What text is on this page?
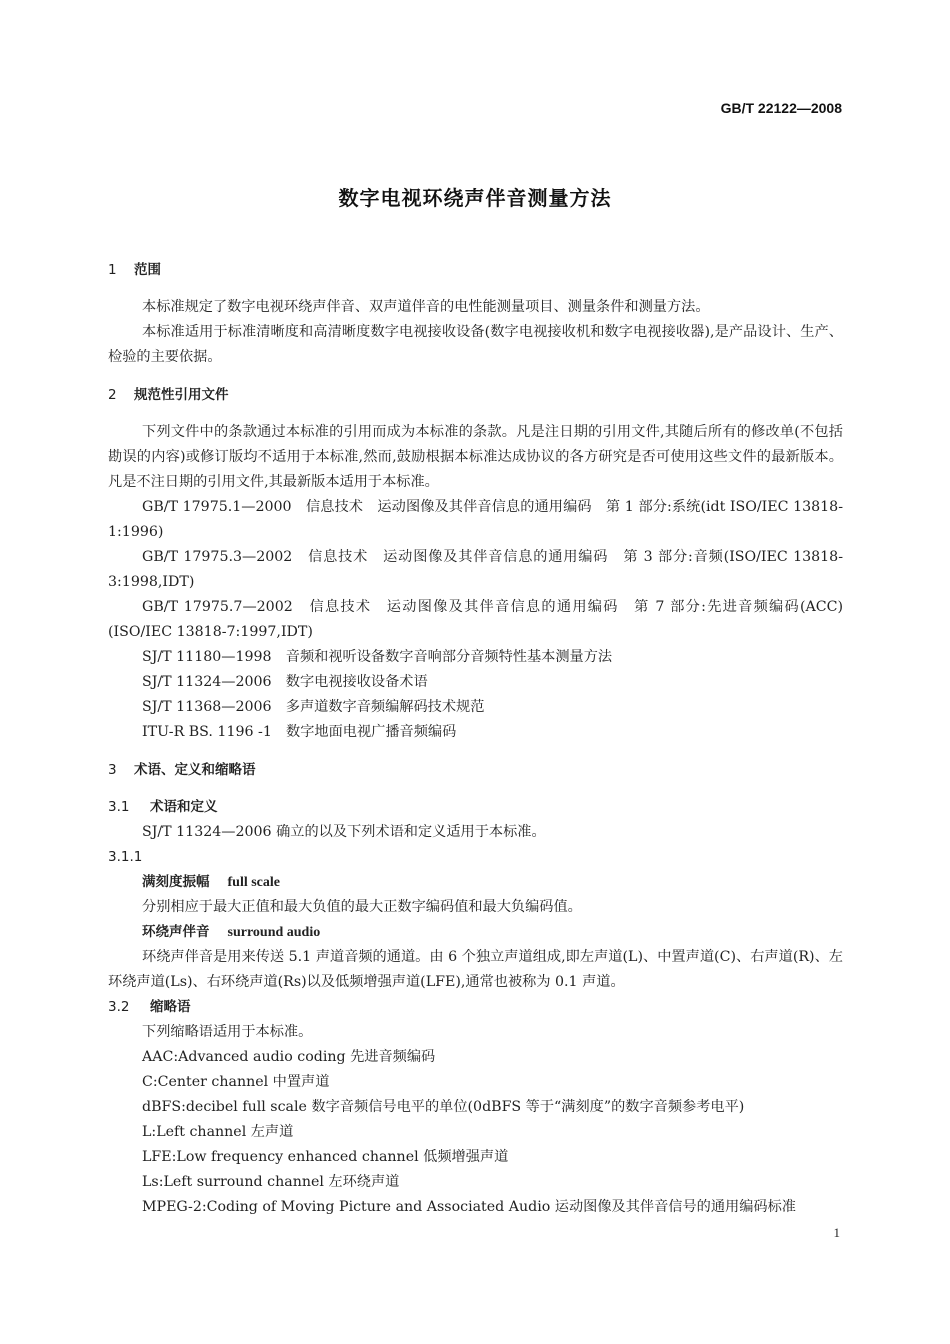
GB/T 22122—2008
数字电视环绕声伴音测量方法

1 范围

本标准规定了数字电视环绕声伴音、双声道伴音的电性能测量项目、测量条件和测量方法。

本标准适用于标准清晰度和高清晰度数字电视接收设备(数字电视接收机和数字电视接收器),是产品设计、生产、检验的主要依据。

2 规范性引用文件

下列文件中的条款通过本标准的引用而成为本标准的条款。凡是注日期的引用文件,其随后所有的修改单(不包括勘误的内容)或修订版均不适用于本标准,然而,鼓励根据本标准达成协议的各方研究是否可使用这些文件的最新版本。凡是不注日期的引用文件,其最新版本适用于本标准。

GB/T 17975.1—2000　信息技术　运动图像及其伴音信息的通用编码　第 1 部分:系统(idt ISO/IEC 13818-1:1996)

GB/T 17975.3—2002　信息技术　运动图像及其伴音信息的通用编码　第 3 部分:音频(ISO/IEC 13818-3:1998,IDT)

GB/T 17975.7—2002　信息技术　运动图像及其伴音信息的通用编码　第 7 部分:先进音频编码(ACC)(ISO/IEC 13818-7:1997,IDT)

SJ/T 11180—1998　音频和视听设备数字音响部分音频特性基本测量方法

SJ/T 11324—2006　数字电视接收设备术语

SJ/T 11368—2006　多声道数字音频编解码技术规范

ITU-R BS. 1196 -1　数字地面电视广播音频编码

3 术语、定义和缩略语

3.1 术语和定义

SJ/T 11324—2006 确立的以及下列术语和定义适用于本标准。

3.1.1

满刻度振幅 full scale

分别相应于最大正值和最大负值的最大正数字编码值和最大负编码值。

环绕声伴音 surround audio

环绕声伴音是用来传送 5.1 声道音频的通道。由 6 个独立声道组成,即左声道(L)、中置声道(C)、右声道(R)、左环绕声道(Ls)、右环绕声道(Rs)以及低频增强声道(LFE),通常也被称为 0.1 声道。

3.2 缩略语

下列缩略语适用于本标准。

AAC:Advanced audio coding 先进音频编码

C:Center channel 中置声道

dBFS:decibel full scale 数字音频信号电平的单位(0dBFS 等于“满刻度”的数字音频参考电平)

L:Left channel 左声道

LFE:Low frequency enhanced channel 低频增强声道

Ls:Left surround channel 左环绕声道

MPEG-2:Coding of Moving Picture and Associated Audio 运动图像及其伴音信号的通用编码标准

1
